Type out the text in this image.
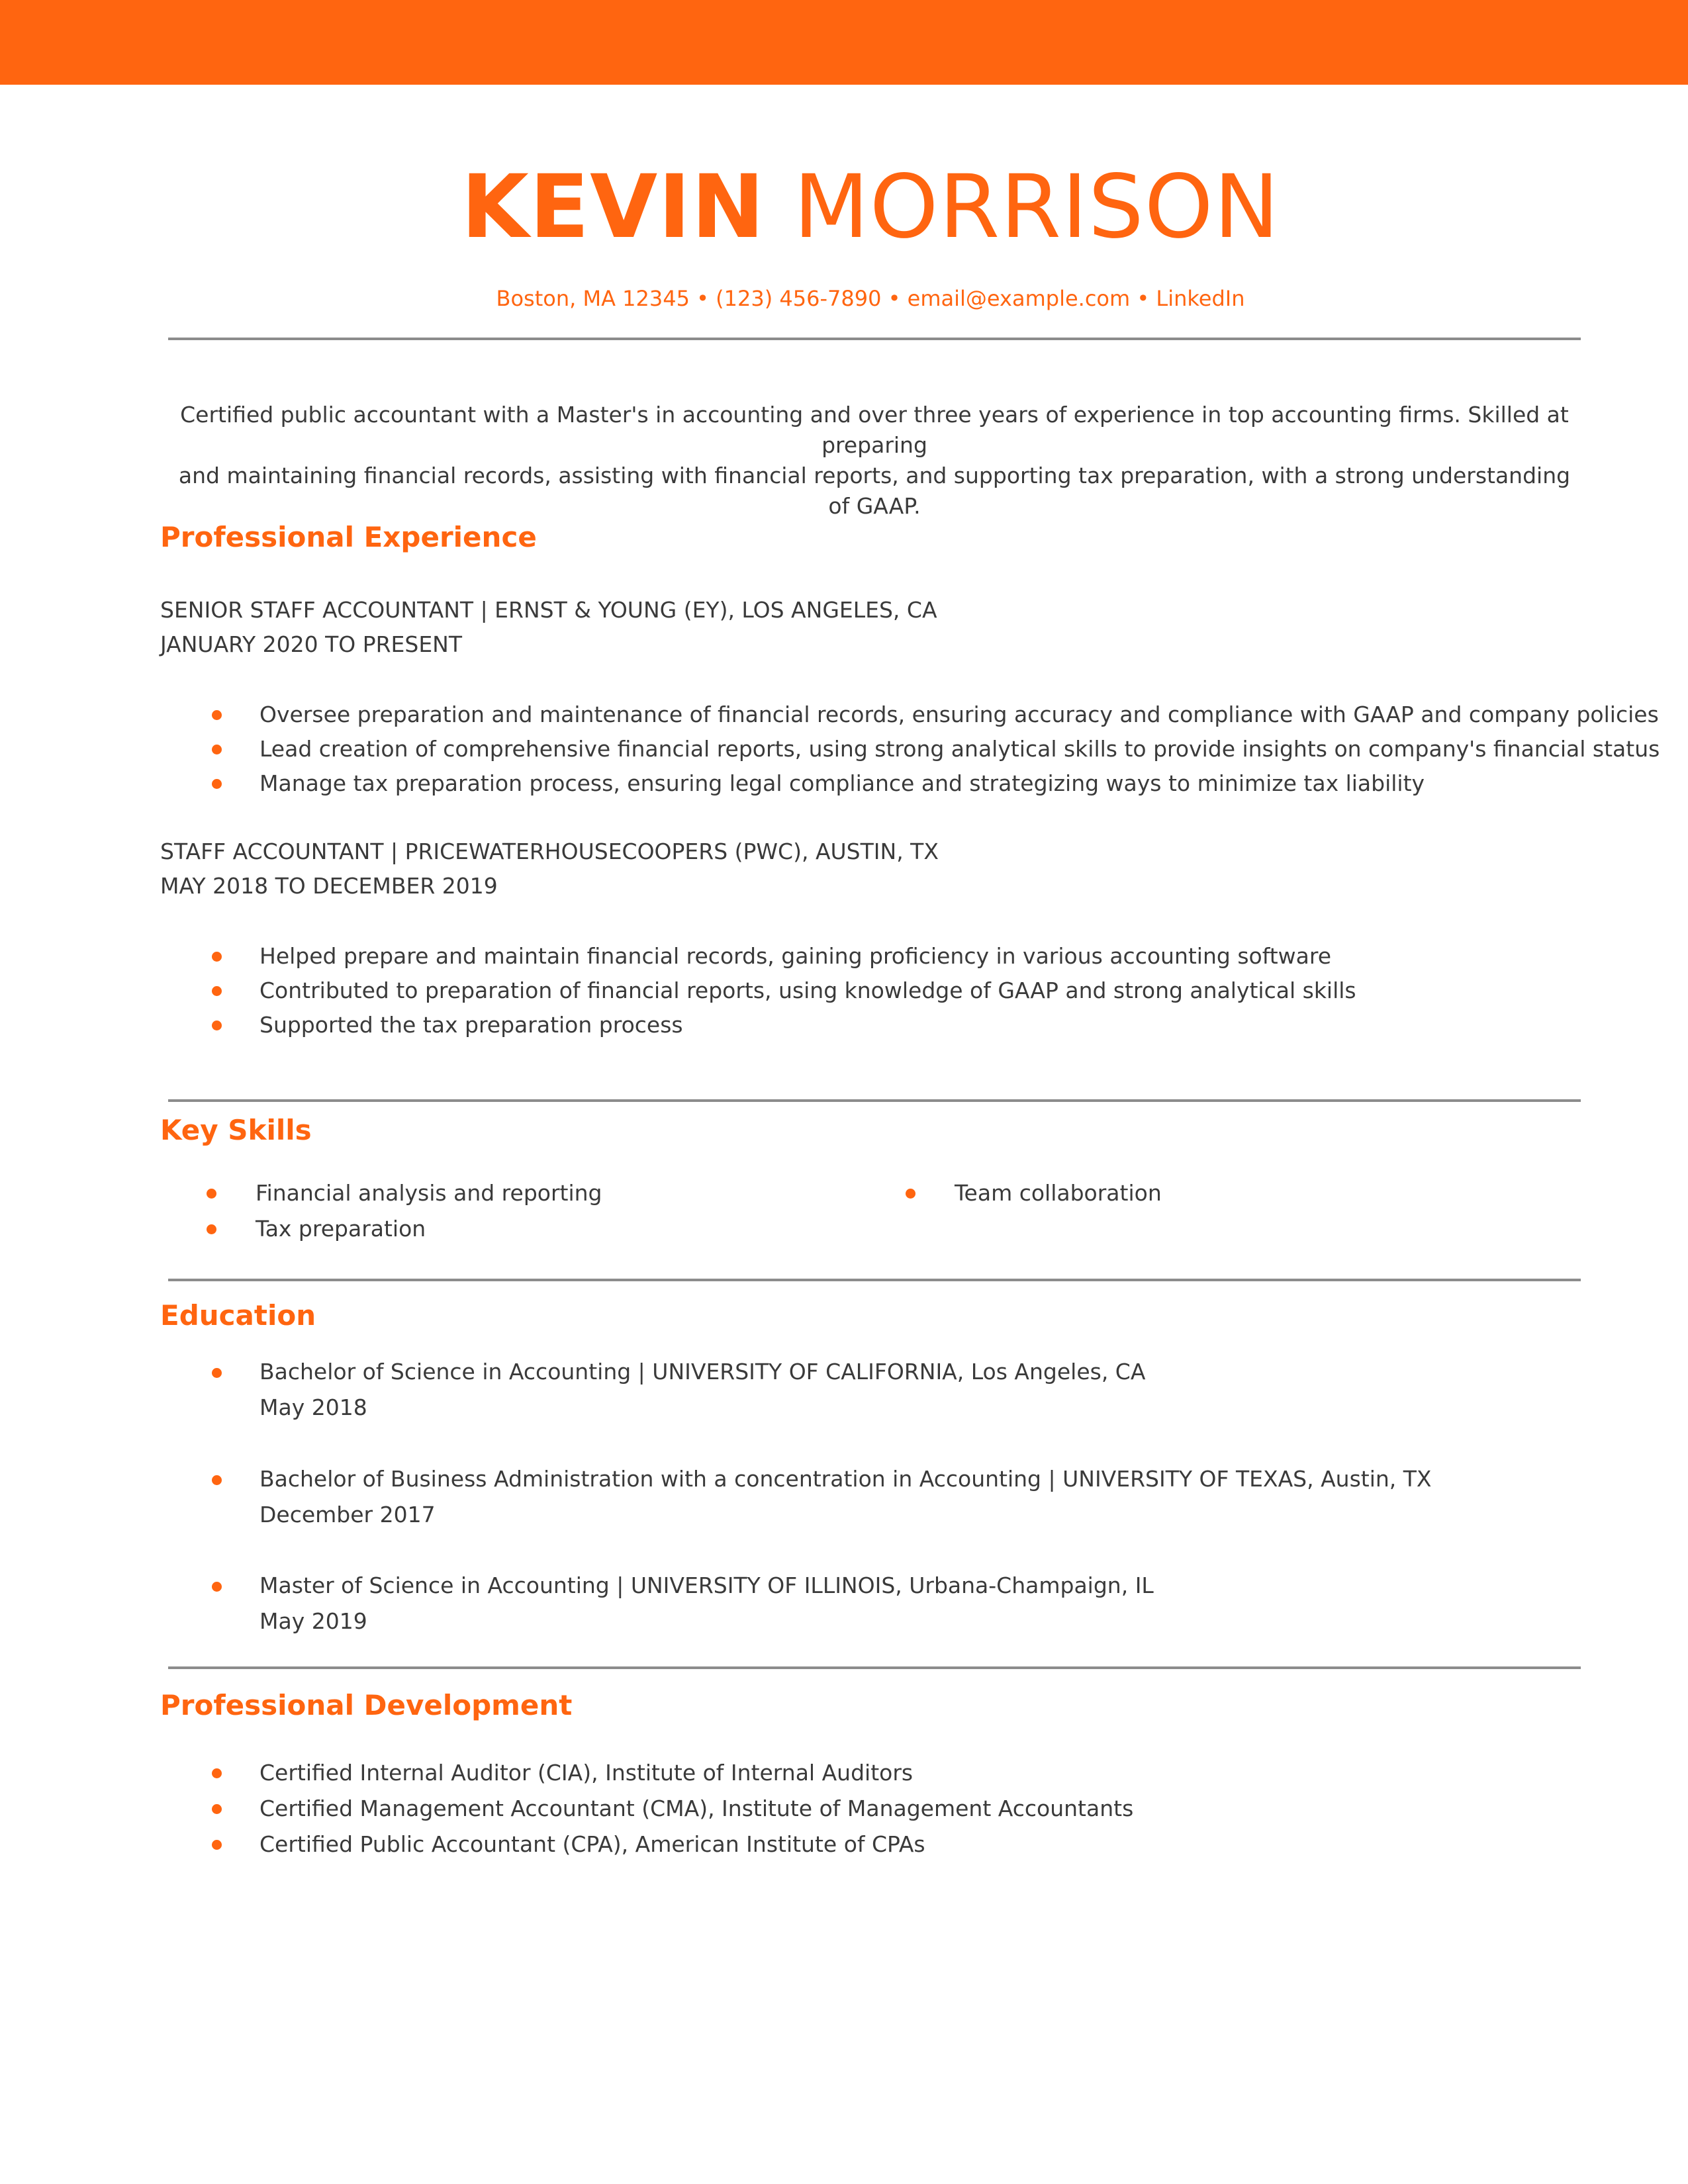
KEVIN MORRISON
Boston, MA 12345 • (123) 456-7890 • email@example.com • LinkedIn
Certified public accountant with a Master's in accounting and over three years of experience in top accounting firms. Skilled at preparing
and maintaining financial records, assisting with financial reports, and supporting tax preparation, with a strong understanding of GAAP.
Professional Experience
SENIOR STAFF ACCOUNTANT | ERNST & YOUNG (EY), LOS ANGELES, CA
JANUARY 2020 TO PRESENT
Oversee preparation and maintenance of financial records, ensuring accuracy and compliance with GAAP and company policies
Lead creation of comprehensive financial reports, using strong analytical skills to provide insights on company's financial status
Manage tax preparation process, ensuring legal compliance and strategizing ways to minimize tax liability
STAFF ACCOUNTANT | PRICEWATERHOUSECOOPERS (PWC), AUSTIN, TX
MAY 2018 TO DECEMBER 2019
Helped prepare and maintain financial records, gaining proficiency in various accounting software
Contributed to preparation of financial reports, using knowledge of GAAP and strong analytical skills
Supported the tax preparation process
Key Skills
Financial analysis and reporting
Tax preparation
Team collaboration
Education
Bachelor of Science in Accounting | UNIVERSITY OF CALIFORNIA, Los Angeles, CA
May 2018
Bachelor of Business Administration with a concentration in Accounting | UNIVERSITY OF TEXAS, Austin, TX
December 2017
Master of Science in Accounting | UNIVERSITY OF ILLINOIS, Urbana-Champaign, IL
May 2019
Professional Development
Certified Internal Auditor (CIA), Institute of Internal Auditors
Certified Management Accountant (CMA), Institute of Management Accountants
Certified Public Accountant (CPA), American Institute of CPAs
